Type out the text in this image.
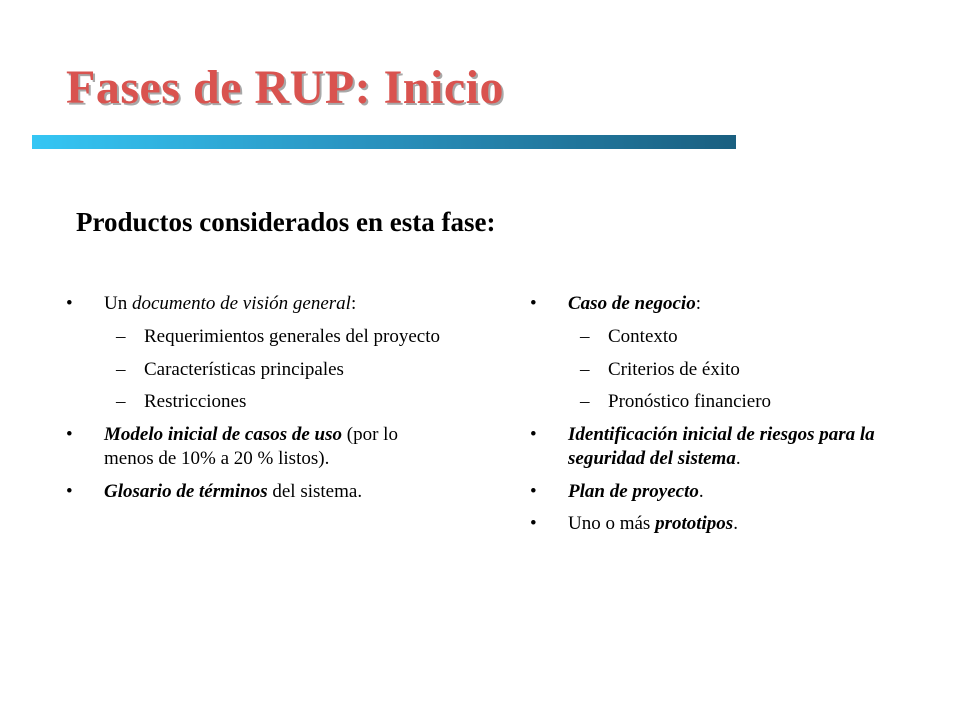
Fases de RUP: Inicio
Productos considerados en esta fase:
• Un documento de visión general:
– Requerimientos generales del proyecto
– Características principales
– Restricciones
• Modelo inicial de casos de uso (por lo menos de 10% a 20 % listos).
• Glosario de términos del sistema.
• Caso de negocio:
– Contexto
– Criterios de éxito
– Pronóstico financiero
• Identificación inicial de riesgos para la seguridad del sistema.
• Plan de proyecto.
• Uno o más prototipos.
